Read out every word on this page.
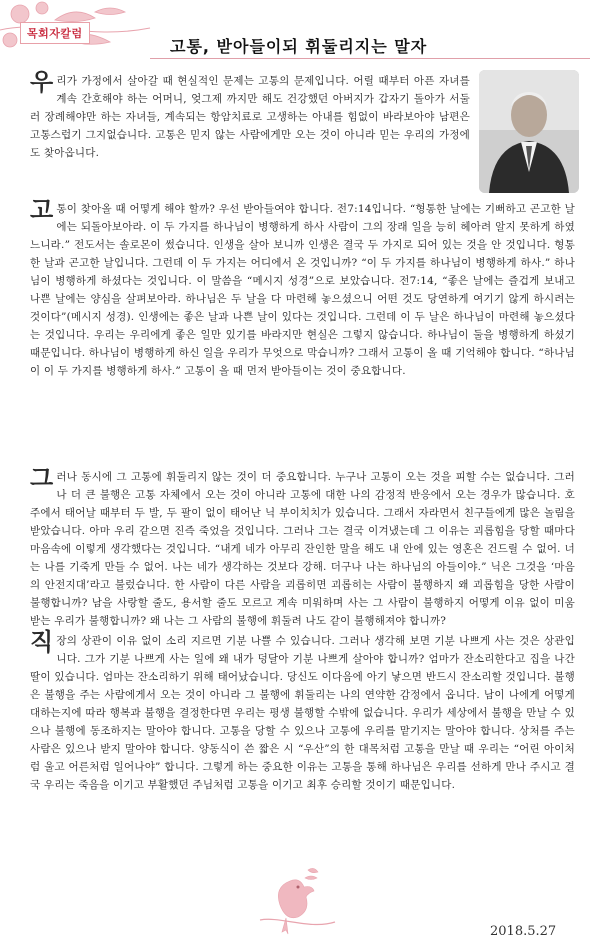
목회자칼럼
고통, 받아들이되 휘둘리지는 말자
우리가 가정에서 살아갈 때 현실적인 문제는 고통의 문제입니다. 어릴 때부터 아픈 자녀를 계속 간호해야 하는 어머니, 엊그제 까지만 해도 건강했던 아버지가 갑자기 돌아가 서둘러 장례해야만 하는 자녀들, 계속되는 항암치료로 고생하는 아내를 힘없이 바라보아야 남편은 고통스럽기 그지없습니다. 고통은 믿지 않는 사람에게만 오는 것이 아니라 믿는 우리의 가정에도 찾아옵니다.
고통이 찾아올 때 어떻게 해야 할까? 우선 받아들여야 합니다. 전7:14입니다. “형통한 날에는 기뻐하고 곤고한 날에는 되돌아보아라. 이 두 가지를 하나님이 병행하게 하사 사람이 그의 장래 일을 능히 헤아려 알지 못하게 하였느니라.” 전도서는 솔로몬이 썼습니다. 인생을 살아 보니까 인생은 결국 두 가지로 되어 있는 것을 안 것입니다. 형통한 날과 곤고한 날입니다. 그런데 이 두 가지는 어디에서 온 것입니까? “이 두 가지를 하나님이 병행하게 하사.” 하나님이 병행하게 하셨다는 것입니다. 이 말씀을 “메시지 성경”으로 보았습니다. 전7:14, “좋은 날에는 즐겁게 보내고 나쁜 날에는 양심을 살펴보아라. 하나님은 두 날을 다 마련해 놓으셨으니 어떤 것도 당연하게 여기기 않게 하시려는 것이다”(메시지 성경). 인생에는 좋은 날과 나쁜 날이 있다는 것입니다. 그런데 이 두 날은 하나님이 마련해 놓으셨다는 것입니다. 우리는 우리에게 좋은 일만 있기를 바라지만 현실은 그렇지 않습니다. 하나님이 둘을 병행하게 하셨기 때문입니다. 하나님이 병행하게 하신 일을 우리가 무엇으로 막습니까? 그래서 고통이 올 때 기억해야 합니다. “하나님이 이 두 가지를 병행하게 하사.” 고통이 올 때 먼저 받아들이는 것이 중요합니다.
그러나 동시에 그 고통에 휘둘리지 않는 것이 더 중요합니다. 누구나 고통이 오는 것을 피할 수는 없습니다. 그러나 더 큰 불행은 고통 자체에서 오는 것이 아니라 고통에 대한 나의 감정적 반응에서 오는 경우가 많습니다. 호주에서 태어날 때부터 두 발, 두 팔이 없이 태어난 닉 부이치치가 있습니다. 그래서 자라면서 친구들에게 많은 놀림을 받았습니다. 아마 우리 같으면 진즉 죽었을 것입니다. 그러나 그는 결국 이겨냈는데 그 이유는 괴롭힘을 당할 때마다 마음속에 이렇게 생각했다는 것입니다. “내게 네가 아무리 잔인한 말을 해도 내 안에 있는 영혼은 건드릴 수 없어. 너는 나를 기죽게 만들 수 없어. 나는 네가 생각하는 것보다 강해. 더구나 나는 하나님의 아들이야.” 닉은 그것을 ‘마음의 안전지대’라고 불렀습니다. 한 사람이 다른 사람을 괴롭히면 괴롭히는 사람이 불행하지 왜 괴롭힘을 당한 사람이 불행합니까? 남을 사랑할 줄도, 용서할 줄도 모르고 계속 미워하며 사는 그 사람이 불행하지 어떻게 이유 없이 미움 받는 우리가 불행합니까? 왜 나는 그 사람의 불행에 휘둘려 나도 같이 불행해져야 합니까?
직장의 상관이 이유 없이 소리 지르면 기분 나쁠 수 있습니다. 그러나 생각해 보면 기분 나쁘게 사는 것은 상관입니다. 그가 기분 나쁘게 사는 일에 왜 내가 덩달아 기분 나쁘게 살아야 합니까? 엄마가 잔소리한다고 집을 나간 딸이 있습니다. 엄마는 잔소리하기 위해 태어났습니다. 당신도 이다음에 아기 낳으면 반드시 잔소리할 것입니다. 불행은 불행을 주는 사람에게서 오는 것이 아니라 그 불행에 휘둘리는 나의 연약한 감정에서 옵니다. 남이 나에게 어떻게 대하는지에 따라 행복과 불행을 결정한다면 우리는 평생 불행할 수밖에 없습니다. 우리가 세상에서 불행을 만날 수 있으나 불행에 동조하지는 말아야 합니다. 고통을 당할 수 있으나 고통에 우리를 맡기지는 말아야 합니다. 상처를 주는 사람은 있으나 받지 말아야 합니다. 양동식이 쓴 짧은 시 “우산”의 한 대목처럼 고통을 만날 때 우리는 “어린 아이처럼 울고 어른처럼 일어나야” 합니다. 그렇게 하는 중요한 이유는 고통을 통해 하나님은 우리를 선하게 만나 주시고 결국 우리는 죽음을 이기고 부활했던 주님처럼 고통을 이기고 최후 승리할 것이기 때문입니다.
2018.5.27
